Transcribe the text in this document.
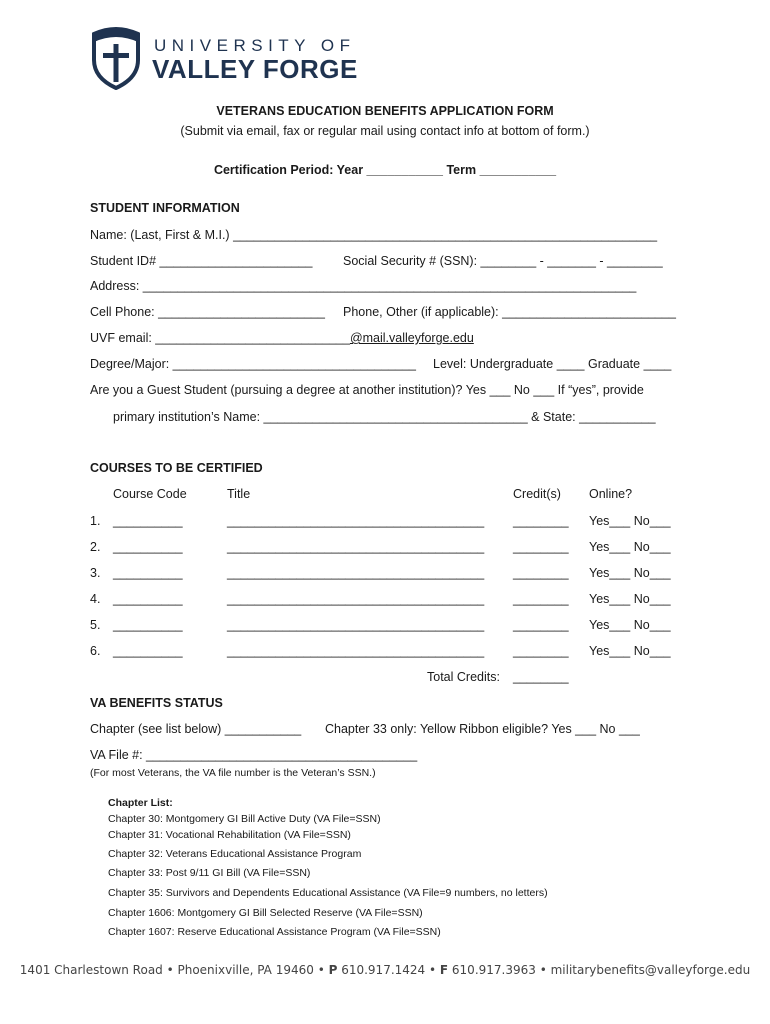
UNIVERSITY OF
VALLEY FORGE
VETERANS EDUCATION BENEFITS APPLICATION FORM
(Submit via email, fax or regular mail using contact info at bottom of form.)
Certification Period: Year ___________ Term ___________
STUDENT INFORMATION
Name: (Last, First & M.I.) _____________________________________________________________
Student ID# ______________________ Social Security # (SSN): ________ - _______ - ________
Address: _______________________________________________________________________
Cell Phone: ________________________ Phone, Other (if applicable): _________________________
UVF email: ____________________________@mail.valleyforge.edu
Degree/Major: ___________________________________ Level: Undergraduate ____ Graduate ____
Are you a Guest Student (pursuing a degree at another institution)? Yes ___ No ___ If “yes”, provide
primary institution’s Name: ______________________________________ & State: ___________
COURSES TO BE CERTIFIED
Course Code	Title	Credit(s) Online?
1. __________	_____________________________________ ________ Yes___ No___
2. __________	_____________________________________ ________ Yes___ No___
3. __________	_____________________________________ ________ Yes___ No___
4. __________	_____________________________________ ________ Yes___ No___
5. __________	_____________________________________ ________ Yes___ No___
6. __________	_____________________________________ ________ Yes___ No___
Total Credits: ________
VA BENEFITS STATUS
Chapter (see list below) ___________ Chapter 33 only: Yellow Ribbon eligible? Yes ___ No ___
VA File #: _______________________________________
(For most Veterans, the VA file number is the Veteran’s SSN.)
Chapter List:
Chapter 30: Montgomery GI Bill Active Duty (VA File=SSN)
Chapter 31: Vocational Rehabilitation (VA File=SSN)
Chapter 32: Veterans Educational Assistance Program
Chapter 33: Post 9/11 GI Bill (VA File=SSN)
Chapter 35: Survivors and Dependents Educational Assistance (VA File=9 numbers, no letters)
Chapter 1606: Montgomery GI Bill Selected Reserve (VA File=SSN)
Chapter 1607: Reserve Educational Assistance Program (VA File=SSN)
1401 Charlestown Road • Phoenixville, PA 19460 • P 610.917.1424 • F 610.917.3963 • militarybenefits@valleyforge.edu
